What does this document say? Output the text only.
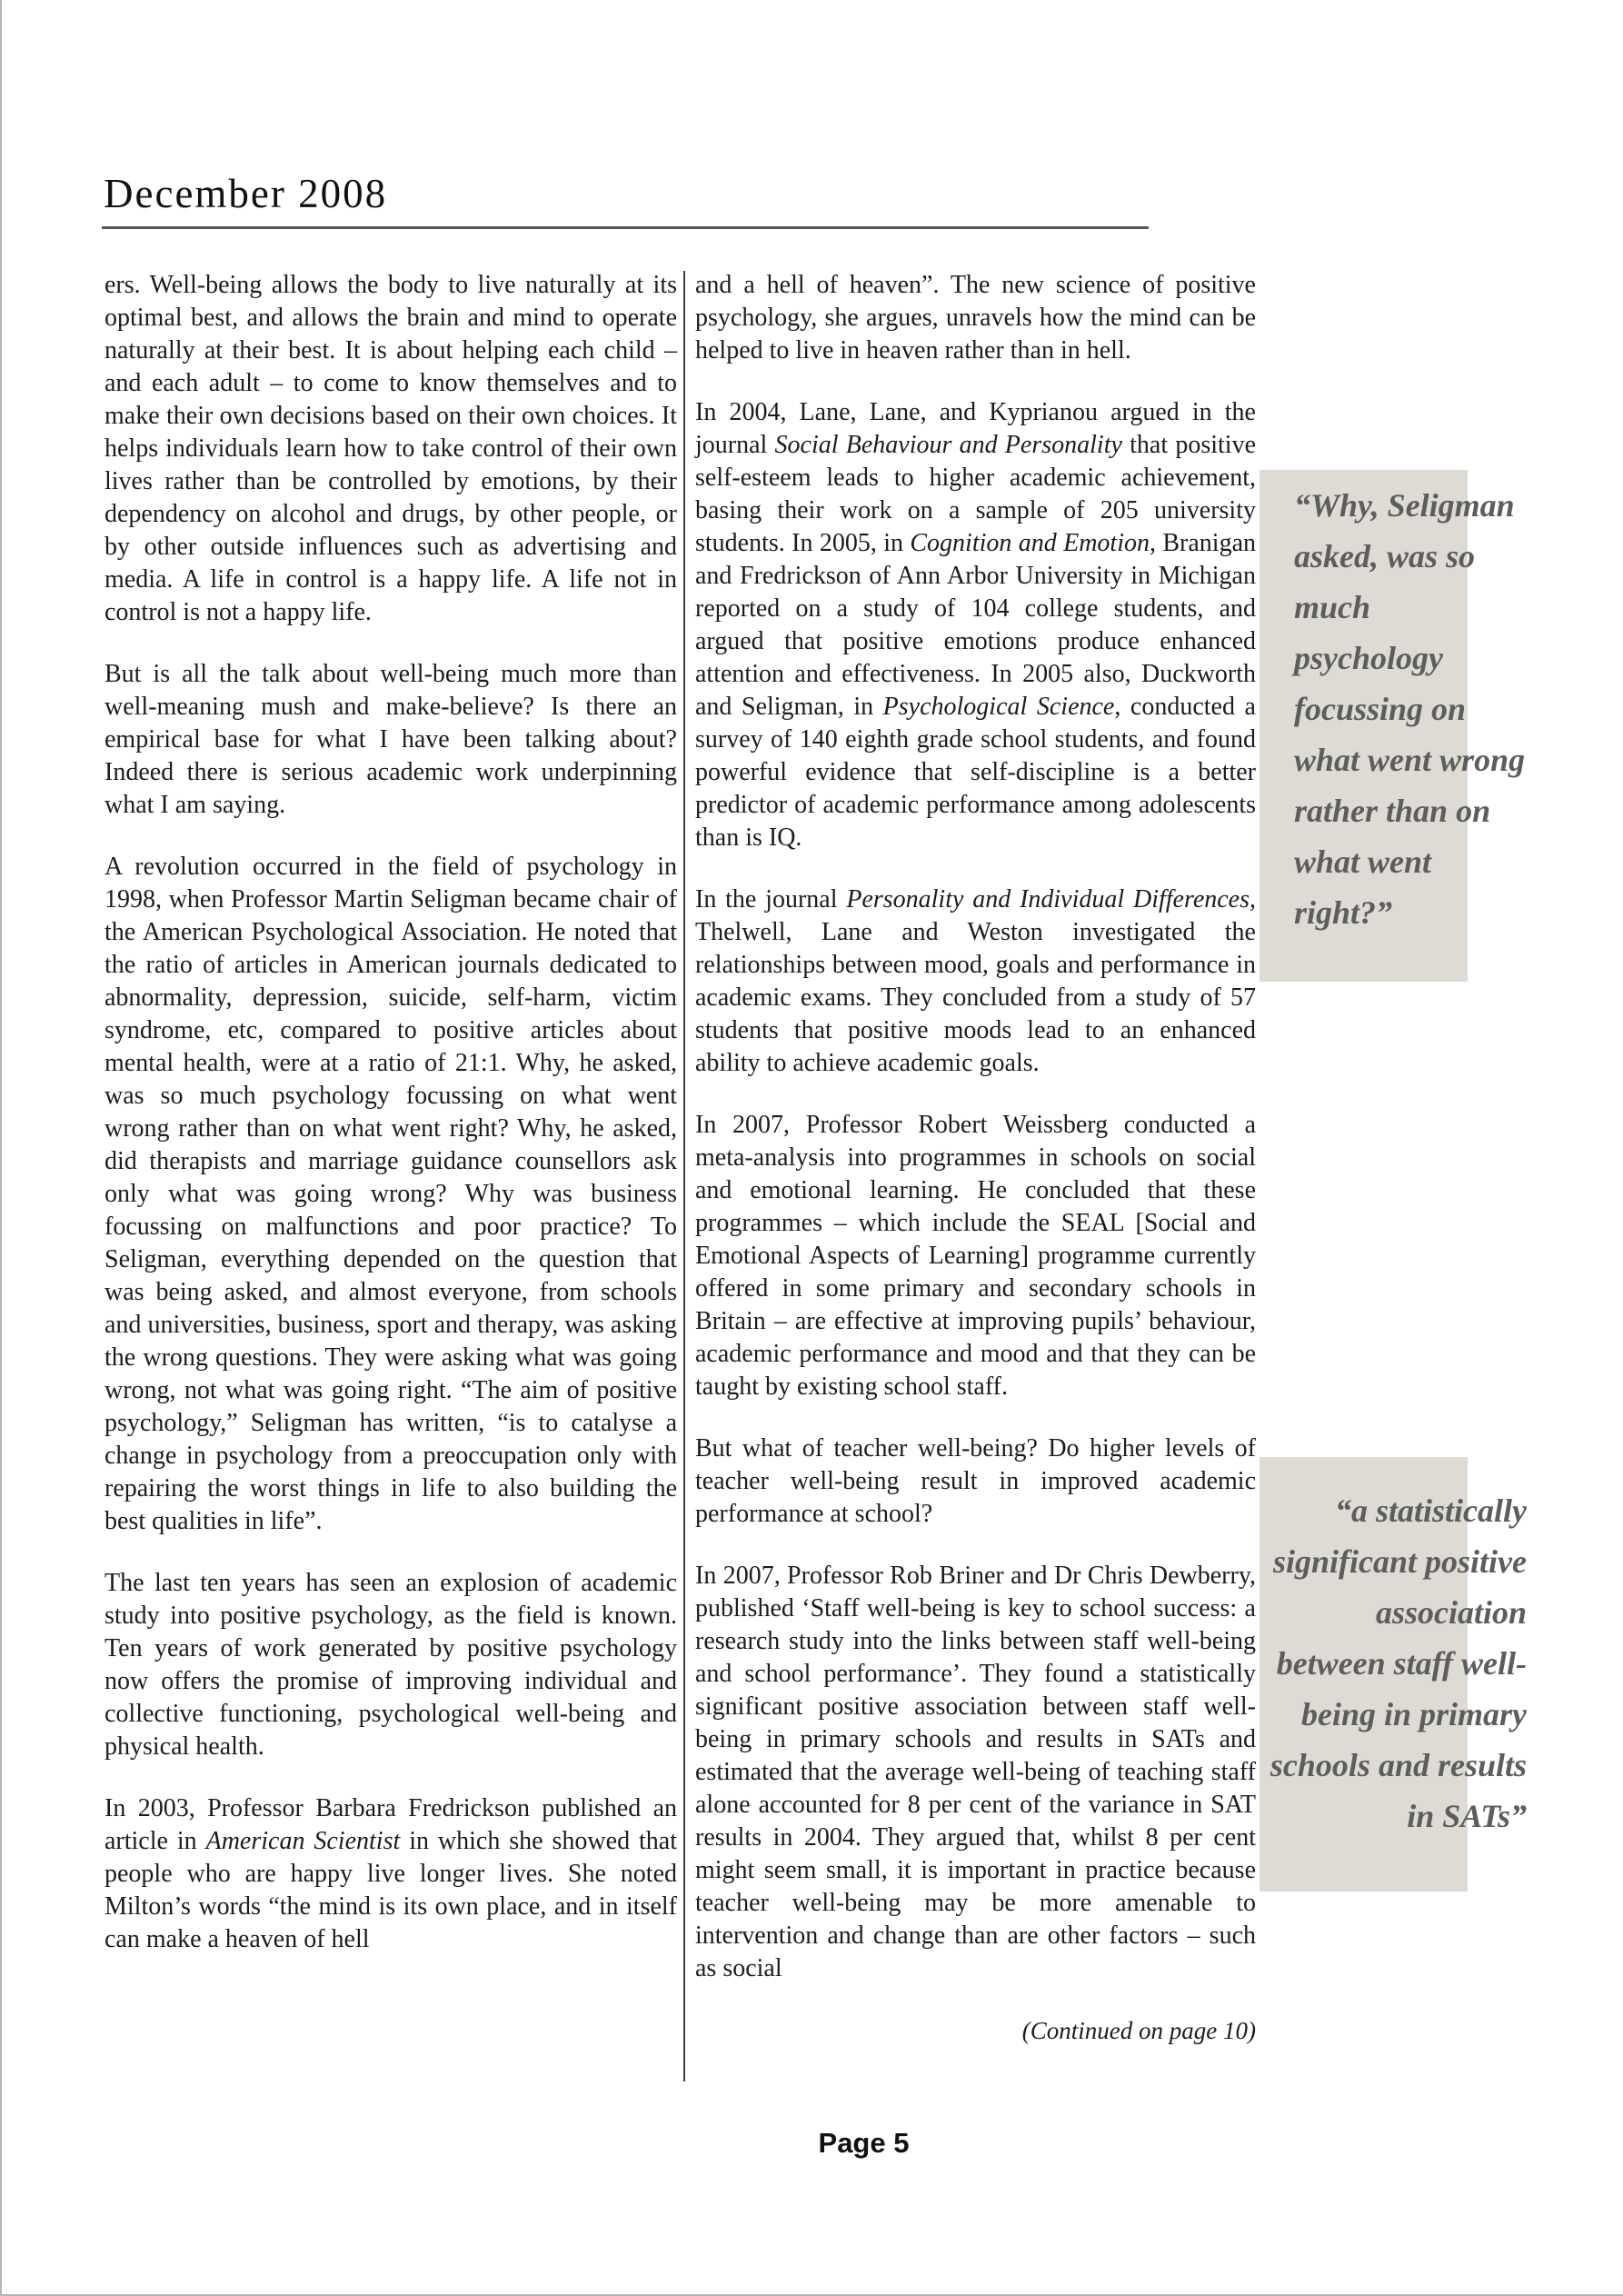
December 2008

ers. Well-being allows the body to live naturally at its optimal best, and allows the brain and mind to operate naturally at their best. It is about helping each child – and each adult – to come to know themselves and to make their own decisions based on their own choices. It helps individuals learn how to take control of their own lives rather than be controlled by emotions, by their dependency on alcohol and drugs, by other people, or by other outside influences such as advertising and media. A life in control is a happy life. A life not in control is not a happy life.

But is all the talk about well-being much more than well-meaning mush and make-believe? Is there an empirical base for what I have been talking about? Indeed there is serious academic work underpinning what I am saying.

A revolution occurred in the field of psychology in 1998, when Professor Martin Seligman became chair of the American Psychological Association. He noted that the ratio of articles in American journals dedicated to abnormality, depression, suicide, self-harm, victim syndrome, etc, compared to positive articles about mental health, were at a ratio of 21:1. Why, he asked, was so much psychology focussing on what went wrong rather than on what went right? Why, he asked, did therapists and marriage guidance counsellors ask only what was going wrong? Why was business focussing on malfunctions and poor practice? To Seligman, everything depended on the question that was being asked, and almost everyone, from schools and universities, business, sport and therapy, was asking the wrong questions. They were asking what was going wrong, not what was going right. “The aim of positive psychology,” Seligman has written, “is to catalyse a change in psychology from a preoccupation only with repairing the worst things in life to also building the best qualities in life”.

The last ten years has seen an explosion of academic study into positive psychology, as the field is known. Ten years of work generated by positive psychology now offers the promise of improving individual and collective functioning, psychological well-being and physical health.

In 2003, Professor Barbara Fredrickson published an article in American Scientist in which she showed that people who are happy live longer lives. She noted Milton’s words “the mind is its own place, and in itself can make a heaven of hell

and a hell of heaven”. The new science of positive psychology, she argues, unravels how the mind can be helped to live in heaven rather than in hell.

In 2004, Lane, Lane, and Kyprianou argued in the journal Social Behaviour and Personality that positive self-esteem leads to higher academic achievement, basing their work on a sample of 205 university students. In 2005, in Cognition and Emotion, Branigan and Fredrickson of Ann Arbor University in Michigan reported on a study of 104 college students, and argued that positive emotions produce enhanced attention and effectiveness. In 2005 also, Duckworth and Seligman, in Psychological Science, conducted a survey of 140 eighth grade school students, and found powerful evidence that self-discipline is a better predictor of academic performance among adolescents than is IQ.

In the journal Personality and Individual Differences, Thelwell, Lane and Weston investigated the relationships between mood, goals and performance in academic exams. They concluded from a study of 57 students that positive moods lead to an enhanced ability to achieve academic goals.

In 2007, Professor Robert Weissberg conducted a meta-analysis into programmes in schools on social and emotional learning. He concluded that these programmes – which include the SEAL [Social and Emotional Aspects of Learning] programme currently offered in some primary and secondary schools in Britain – are effective at improving pupils’ behaviour, academic performance and mood and that they can be taught by existing school staff.

But what of teacher well-being? Do higher levels of teacher well-being result in improved academic performance at school?

In 2007, Professor Rob Briner and Dr Chris Dewberry, published ‘Staff well-being is key to school success: a research study into the links between staff well-being and school performance’. They found a statistically significant positive association between staff well-being in primary schools and results in SATs and estimated that the average well-being of teaching staff alone accounted for 8 per cent of the variance in SAT results in 2004. They argued that, whilst 8 per cent might seem small, it is important in practice because teacher well-being may be more amenable to intervention and change than are other factors – such as social

(Continued on page 10)

“Why, Seligman asked, was so much psychology focussing on what went wrong rather than on what went right?”
“a statistically significant positive association between staff well-being in primary schools and results in SATs”
Page 5
